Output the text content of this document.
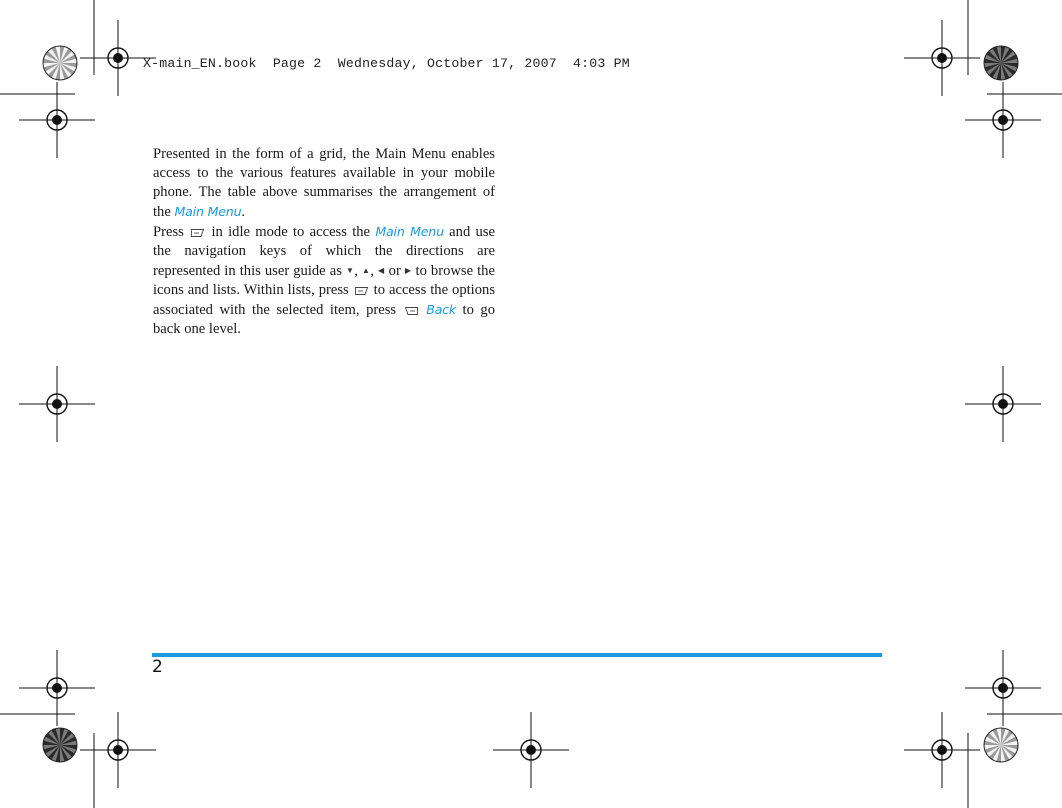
X-main_EN.book  Page 2  Wednesday, October 17, 2007  4:03 PM

Presented in the form of a grid, the Main Menu enables access to the various features available in your mobile phone. The table above summarises the arrangement of the Main Menu.

Press in idle mode to access the Main Menu and use the navigation keys of which the directions are represented in this user guide as ▼, ▲, ◀ or ▶ to browse the icons and lists. Within lists, press to access the options associated with the selected item, press Back to go back one level.

2
